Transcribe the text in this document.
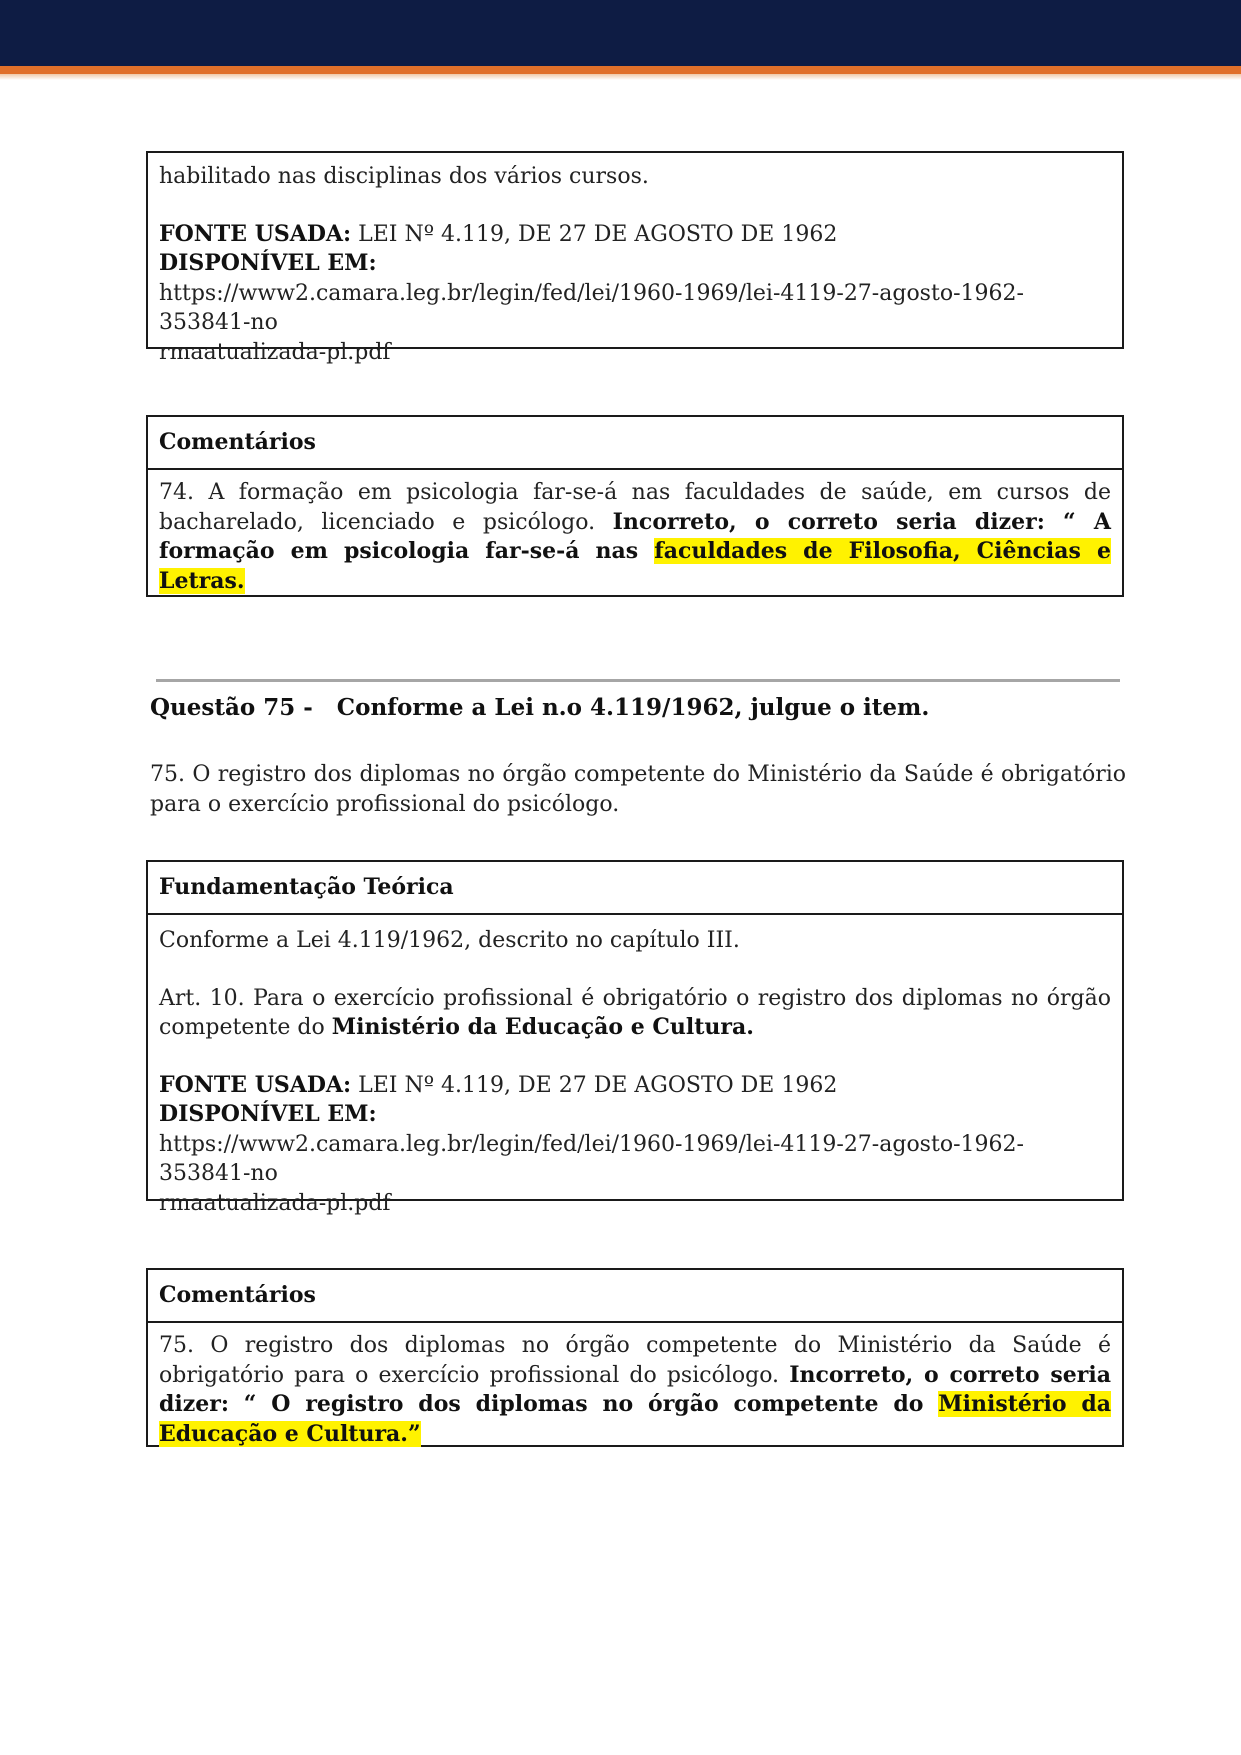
habilitado nas disciplinas dos vários cursos.

FONTE USADA: LEI Nº 4.119, DE 27 DE AGOSTO DE 1962

DISPONÍVEL EM:

https://www2.camara.leg.br/legin/fed/lei/1960-1969/lei-4119-27-agosto-1962-353841-no

rmaatualizada-pl.pdf

Comentários

74. A formação em psicologia far-se-á nas faculdades de saúde, em cursos de bacharelado, licenciado e psicólogo. Incorreto, o correto seria dizer: “ A formação em psicologia far-se-á nas faculdades de Filosofia, Ciências e Letras.

Questão 75 -   Conforme a Lei n.o 4.119/1962, julgue o item.

75. O registro dos diplomas no órgão competente do Ministério da Saúde é obrigatório para o exercício profissional do psicólogo.

Fundamentação Teórica

Conforme a Lei 4.119/1962, descrito no capítulo III.

Art. 10. Para o exercício profissional é obrigatório o registro dos diplomas no órgão competente do Ministério da Educação e Cultura.

FONTE USADA: LEI Nº 4.119, DE 27 DE AGOSTO DE 1962

DISPONÍVEL EM:

https://www2.camara.leg.br/legin/fed/lei/1960-1969/lei-4119-27-agosto-1962-353841-no

rmaatualizada-pl.pdf

Comentários

75. O registro dos diplomas no órgão competente do Ministério da Saúde é obrigatório para o exercício profissional do psicólogo. Incorreto, o correto seria dizer: “ O registro dos diplomas no órgão competente do Ministério da Educação e Cultura.”
